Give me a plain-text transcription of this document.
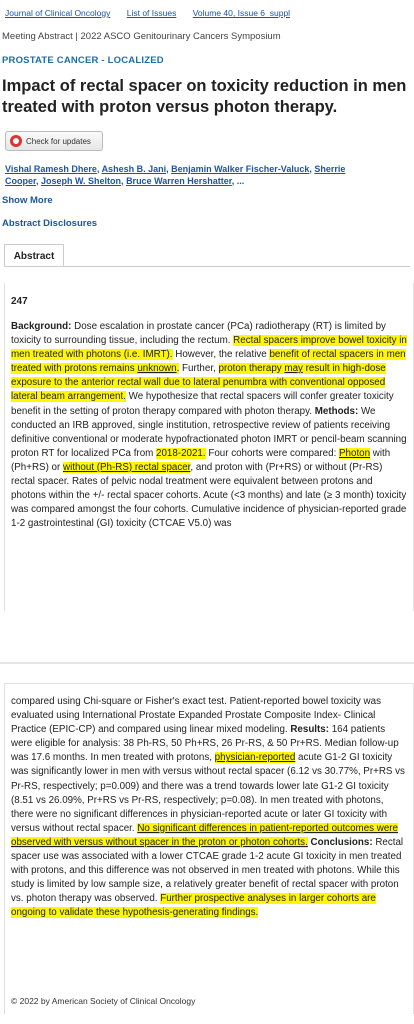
Journal of Clinical Oncology List of Issues Volume 40, Issue 6_suppl
Meeting Abstract | 2022 ASCO Genitourinary Cancers Symposium
PROSTATE CANCER - LOCALIZED
Impact of rectal spacer on toxicity reduction in men treated with proton versus photon therapy.
Check for updates
Vishal Ramesh Dhere, Ashesh B. Jani, Benjamin Walker Fischer-Valuck, Sherrie
Cooper, Joseph W. Shelton, Bruce Warren Hershatter, ...
Show More
Abstract Disclosures
Abstract
247
Background: Dose escalation in prostate cancer (PCa) radiotherapy (RT) is limited by toxicity to surrounding tissue, including the rectum. Rectal spacers improve bowel toxicity in men treated with photons (i.e. IMRT). However, the relative benefit of rectal spacers in men treated with protons remains unknown. Further, proton therapy may result in high-dose exposure to the anterior rectal wall due to lateral penumbra with conventional opposed lateral beam arrangement. We hypothesize that rectal spacers will confer greater toxicity benefit in the setting of proton therapy compared with photon therapy. Methods: We conducted an IRB approved, single institution, retrospective review of patients receiving definitive conventional or moderate hypofractionated photon IMRT or pencil-beam scanning proton RT for localized PCa from 2018-2021. Four cohorts were compared: Photon with (Ph+RS) or without (Ph-RS) rectal spacer, and proton with (Pr+RS) or without (Pr-RS) rectal spacer. Rates of pelvic nodal treatment were equivalent between protons and photons within the +/- rectal spacer cohorts. Acute (<3 months) and late (≥ 3 month) toxicity was compared amongst the four cohorts. Cumulative incidence of physician-reported grade 1-2 gastrointestinal (GI) toxicity (CTCAE V5.0) was
compared using Chi-square or Fisher's exact test. Patient-reported bowel toxicity was evaluated using International Prostate Expanded Prostate Composite Index- Clinical Practice (EPIC-CP) and compared using linear mixed modeling. Results: 164 patients were eligible for analysis: 38 Ph-RS, 50 Ph+RS, 26 Pr-RS, & 50 Pr+RS. Median follow-up was 17.6 months. In men treated with protons, physician-reported acute G1-2 GI toxicity was significantly lower in men with versus without rectal spacer (6.12 vs 30.77%, Pr+RS vs Pr-RS, respectively; p=0.009) and there was a trend towards lower late G1-2 GI toxicity (8.51 vs 26.09%, Pr+RS vs Pr-RS, respectively; p=0.08). In men treated with photons, there were no significant differences in physician-reported acute or later GI toxicity with versus without rectal spacer. No significant differences in patient-reported outcomes were observed with versus without spacer in the proton or photon cohorts. Conclusions: Rectal spacer use was associated with a lower CTCAE grade 1-2 acute GI toxicity in men treated with protons, and this difference was not observed in men treated with photons. While this study is limited by low sample size, a relatively greater benefit of rectal spacer with proton vs. photon therapy was observed. Further prospective analyses in larger cohorts are ongoing to validate these hypothesis-generating findings.
© 2022 by American Society of Clinical Oncology
